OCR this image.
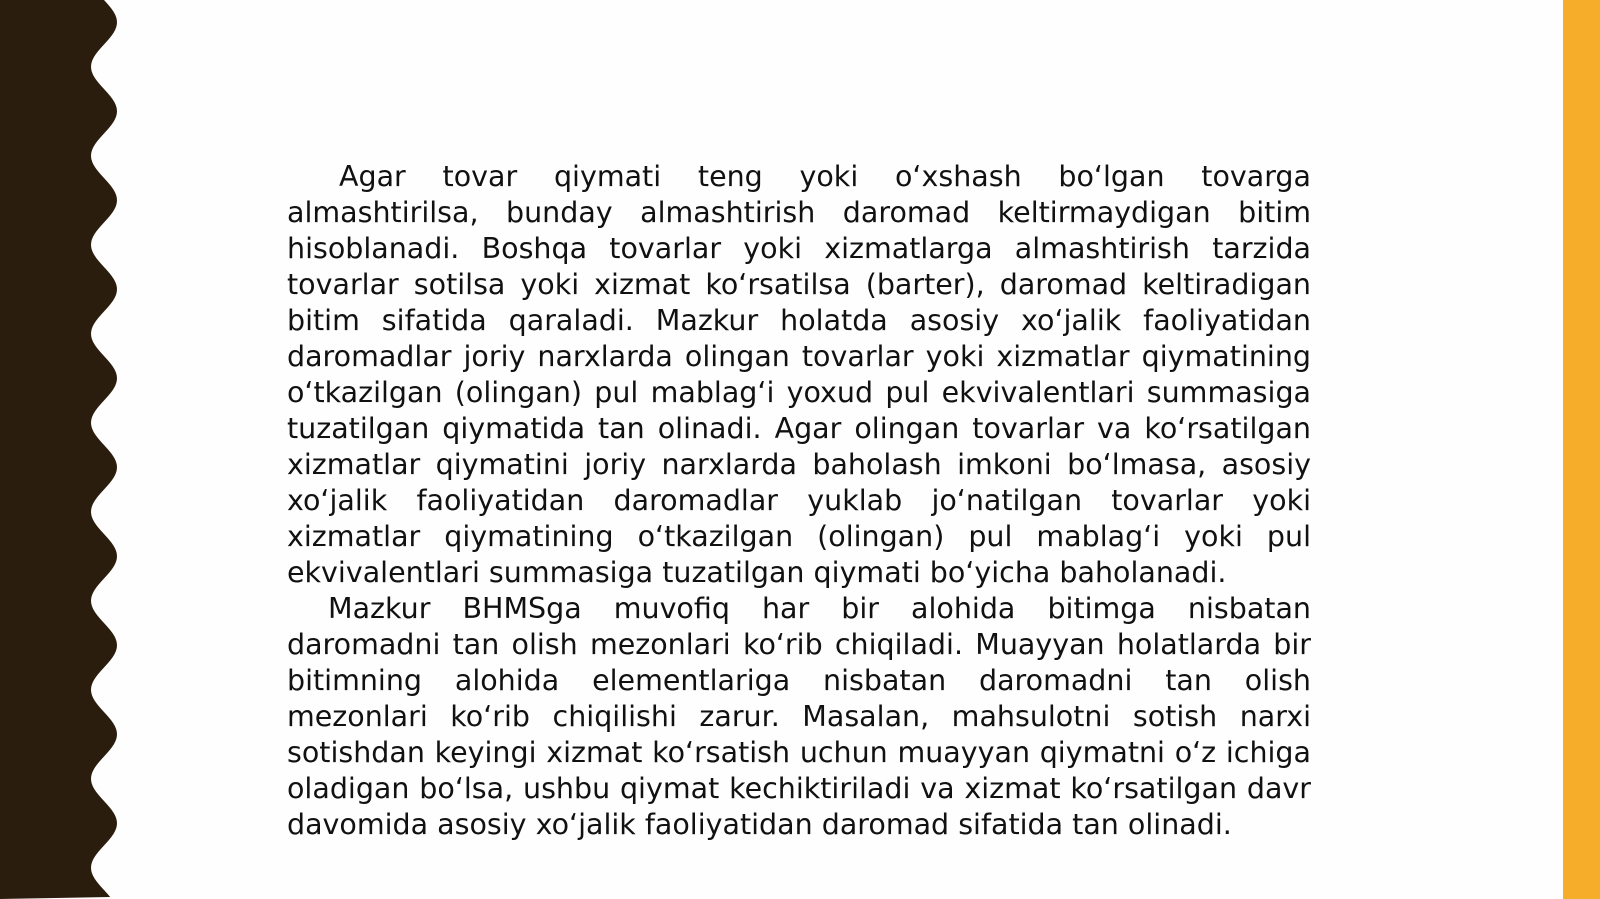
Agar tovar qiymati teng yoki o‘xshash bo‘lgan tovarga almashtirilsa, bunday almashtirish daromad keltirmaydigan bitim hisoblanadi. Boshqa tovarlar yoki xizmatlarga almashtirish tarzida tovarlar sotilsa yoki xizmat ko‘rsatilsa (barter), daromad keltiradigan bitim sifatida qaraladi. Mazkur holatda asosiy xo‘jalik faoliyatidan daromadlar joriy narxlarda olingan tovarlar yoki xizmatlar qiymatining o‘tkazilgan (olingan) pul mablag‘i yoxud pul ekvivalentlari summasiga tuzatilgan qiymatida tan olinadi. Agar olingan tovarlar va ko‘rsatilgan xizmatlar qiymatini joriy narxlarda baholash imkoni bo‘lmasa, asosiy xo‘jalik faoliyatidan daromadlar yuklab jo‘natilgan tovarlar yoki xizmatlar qiymatining o‘tkazilgan (olingan) pul mablag‘i yoki pul ekvivalentlari summasiga tuzatilgan qiymati bo‘yicha baholanadi.

Mazkur BHMSga muvofiq har bir alohida bitimga nisbatan daromadni tan olish mezonlari ko‘rib chiqiladi. Muayyan holatlarda bir bitimning alohida elementlariga nisbatan daromadni tan olish mezonlari ko‘rib chiqilishi zarur. Masalan, mahsulotni sotish narxi sotishdan keyingi xizmat ko‘rsatish uchun muayyan qiymatni o‘z ichiga oladigan bo‘lsa, ushbu qiymat kechiktiriladi va xizmat ko‘rsatilgan davr davomida asosiy xo‘jalik faoliyatidan daromad sifatida tan olinadi.
